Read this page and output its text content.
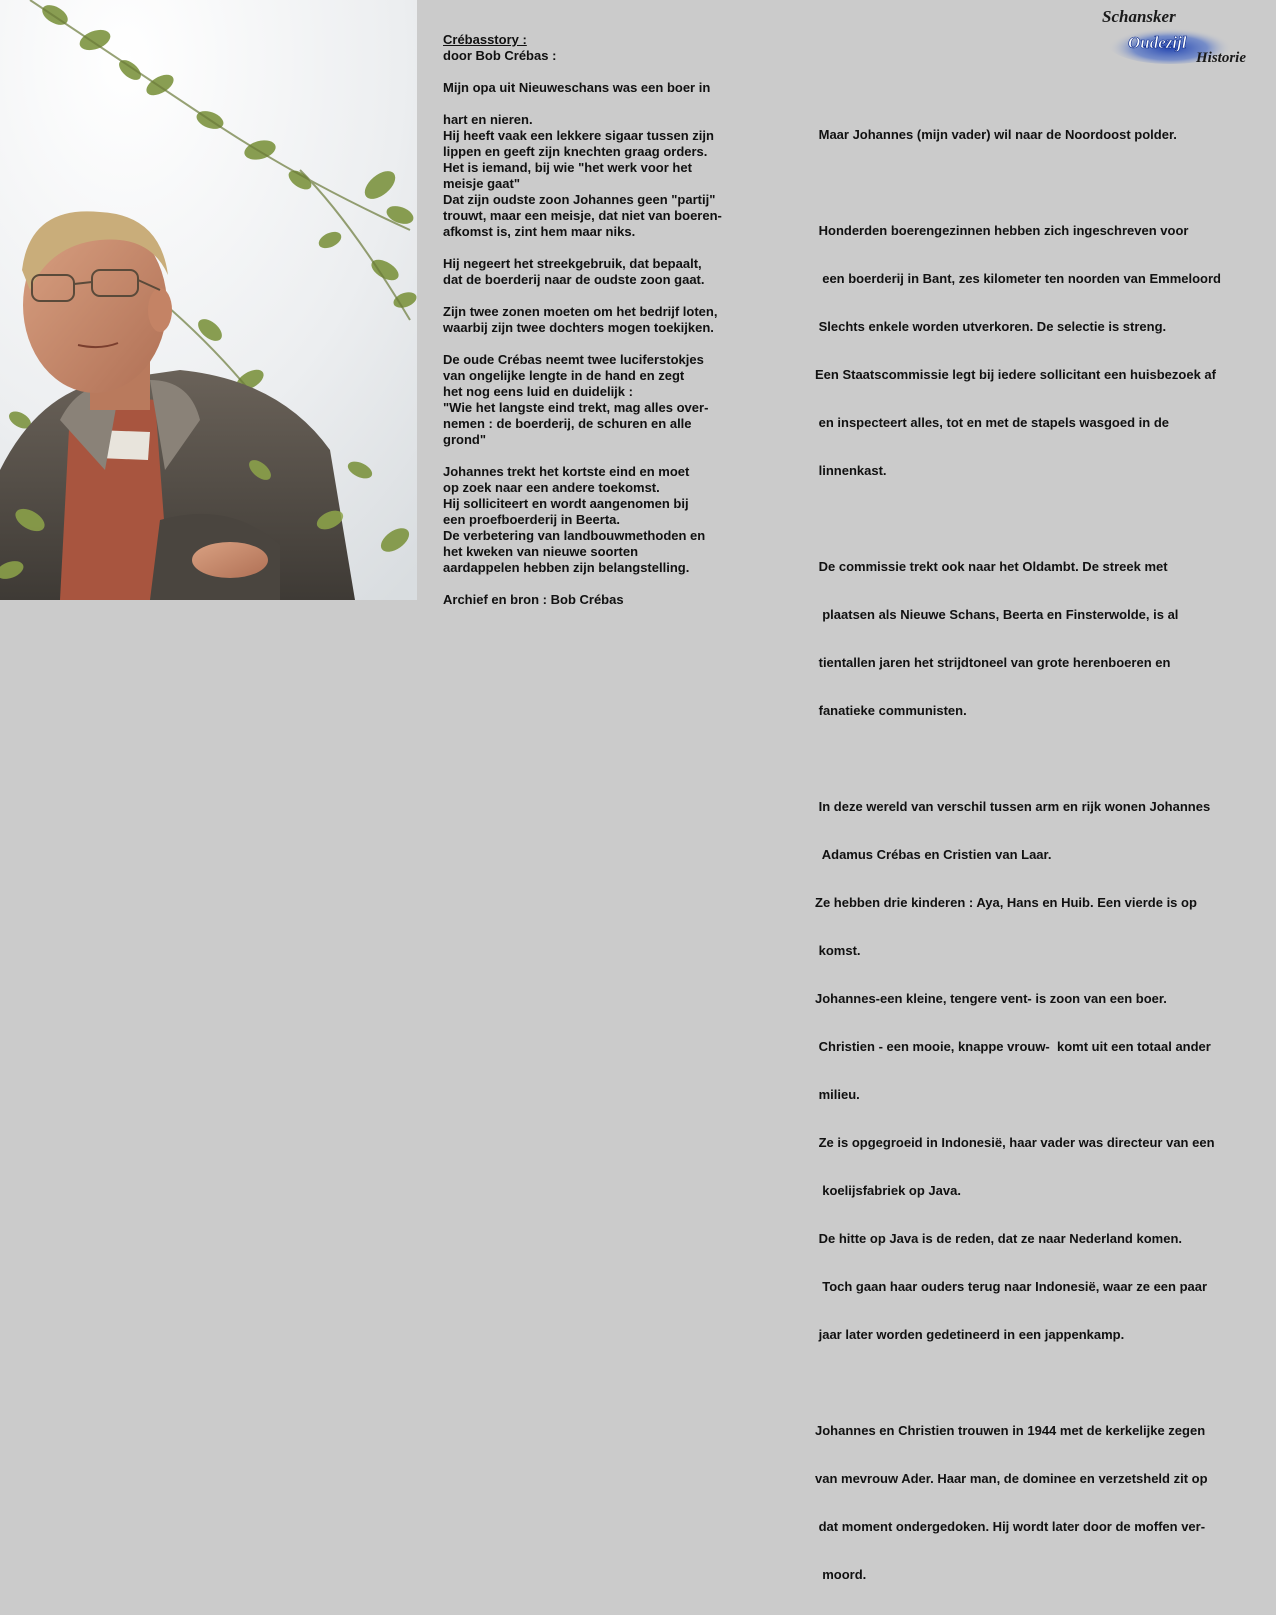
Schansker
Oudezijl
Historie
Crébasstory :
door Bob Crébas :
Mijn opa uit Nieuweschans was een boer in
hart en nieren.
Hij heeft vaak een lekkere sigaar tussen zijn
lippen en geeft zijn knechten graag orders.
Het is iemand, bij wie "het werk voor het
meisje gaat"
Dat zijn oudste zoon Johannes geen "partij"
trouwt, maar een meisje, dat niet van boeren-
afkomst is, zint hem maar niks.
Hij negeert het streekgebruik, dat bepaalt,
dat de boerderij naar de oudste zoon gaat.
Zijn twee zonen moeten om het bedrijf loten,
waarbij zijn twee dochters mogen toekijken.
De oude Crébas neemt twee luciferstokjes
van ongelijke lengte in de hand en zegt
het nog eens luid en duidelijk :
"Wie het langste eind trekt, mag alles over-
nemen : de boerderij, de schuren en alle
grond"
Johannes trekt het kortste eind en moet
op zoek naar een andere toekomst.
Hij solliciteert en wordt aangenomen bij
een proefboerderij in Beerta.
De verbetering van landbouwmethoden en
het kweken van nieuwe soorten
aardappelen hebben zijn belangstelling.
Archief en bron : Bob Crébas

Maar Johannes (mijn vader) wil naar de Noordoost polder.

Honderden boerengezinnen hebben zich ingeschreven voor

een boerderij in Bant, zes kilometer ten noorden van Emmeloord

Slechts enkele worden utverkoren. De selectie is streng.

Een Staatscommissie legt bij iedere sollicitant een huisbezoek af

en inspecteert alles, tot en met de stapels wasgoed in de

linnenkast.

De commissie trekt ook naar het Oldambt. De streek met

plaatsen als Nieuwe Schans, Beerta en Finsterwolde, is al

tientallen jaren het strijdtoneel van grote herenboeren en

fanatieke communisten.

In deze wereld van verschil tussen arm en rijk wonen Johannes

Adamus Crébas en Cristien van Laar.

Ze hebben drie kinderen : Aya, Hans en Huib. Een vierde is op

komst.

Johannes-een kleine, tengere vent- is zoon van een boer.

Christien - een mooie, knappe vrouw-  komt uit een totaal ander

milieu.

Ze is opgegroeid in Indonesië, haar vader was directeur van een

koelijsfabriek op Java.

De hitte op Java is de reden, dat ze naar Nederland komen.

Toch gaan haar ouders terug naar Indonesië, waar ze een paar

jaar later worden gedetineerd in een jappenkamp.

Johannes en Christien trouwen in 1944 met de kerkelijke zegen

van mevrouw Ader. Haar man, de dominee en verzetsheld zit op

dat moment ondergedoken. Hij wordt later door de moffen ver-

moord.
